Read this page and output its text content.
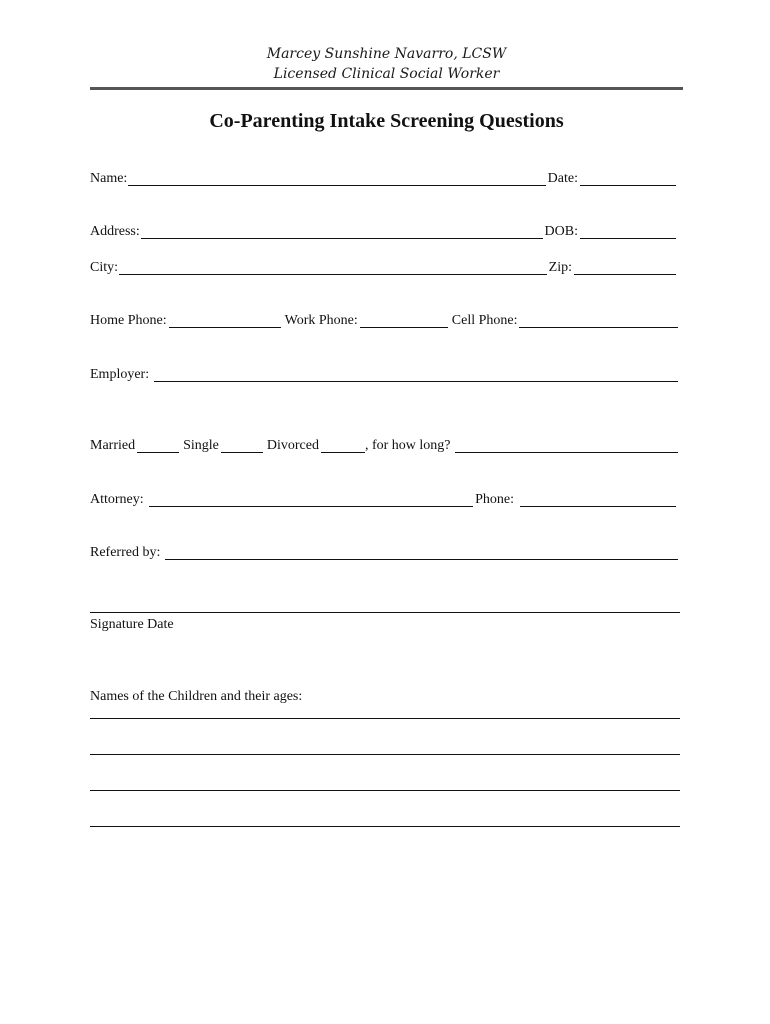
Marcey Sunshine Navarro, LCSW
Licensed Clinical Social Worker
Co-Parenting Intake Screening Questions
Name:	Date:
Address:	DOB:
City:	Zip:
Home Phone:	Work Phone:	Cell Phone:
Employer:
Married	Single	Divorced	, for how long?
Attorney:	Phone:
Referred by:
Signature Date
Names of the Children and their ages:
